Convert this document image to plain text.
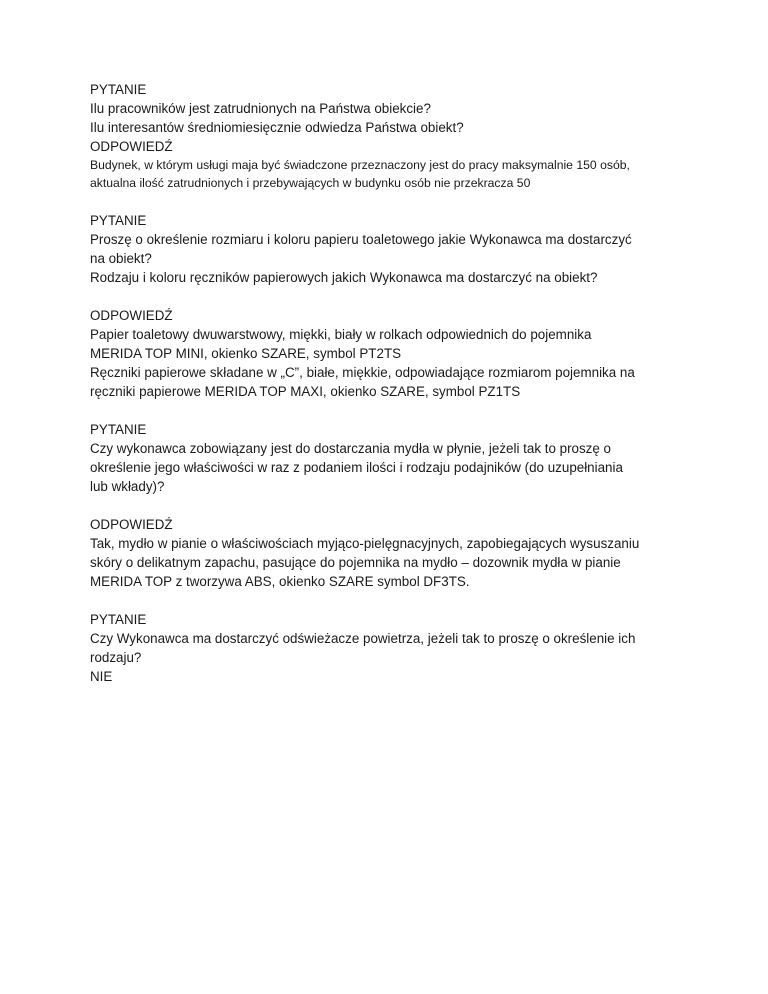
PYTANIE
Ilu pracowników jest zatrudnionych na Państwa obiekcie?
Ilu interesantów średniomiesięcznie odwiedza Państwa obiekt?
ODPOWIEDŹ
Budynek, w którym usługi maja być świadczone przeznaczony jest do pracy maksymalnie 150 osób,
aktualna ilość zatrudnionych i przebywających w budynku osób nie przekracza 50
PYTANIE
Proszę o określenie rozmiaru i koloru papieru toaletowego jakie Wykonawca ma dostarczyć
na obiekt?
Rodzaju i koloru ręczników papierowych jakich Wykonawca ma dostarczyć na obiekt?
ODPOWIEDŹ
Papier toaletowy dwuwarstwowy, miękki, biały w rolkach odpowiednich do pojemnika
MERIDA TOP MINI, okienko SZARE, symbol PT2TS
Ręczniki papierowe składane w „C”, białe, miękkie, odpowiadające rozmiarom pojemnika na
ręczniki papierowe MERIDA TOP MAXI, okienko SZARE, symbol PZ1TS
PYTANIE
Czy wykonawca zobowiązany jest do dostarczania mydła w płynie, jeżeli tak to proszę o
określenie jego właściwości w raz z podaniem ilości i rodzaju podajników (do uzupełniania
lub wkłady)?
ODPOWIEDŹ
Tak, mydło w pianie o właściwościach myjąco-pielęgnacyjnych, zapobiegających wysuszaniu
skóry o delikatnym zapachu, pasujące do pojemnika na mydło – dozownik mydła w pianie
MERIDA TOP z tworzywa ABS, okienko SZARE symbol DF3TS.
PYTANIE
Czy Wykonawca ma dostarczyć odświeżacze powietrza, jeżeli tak to proszę o określenie ich
rodzaju?
NIE
